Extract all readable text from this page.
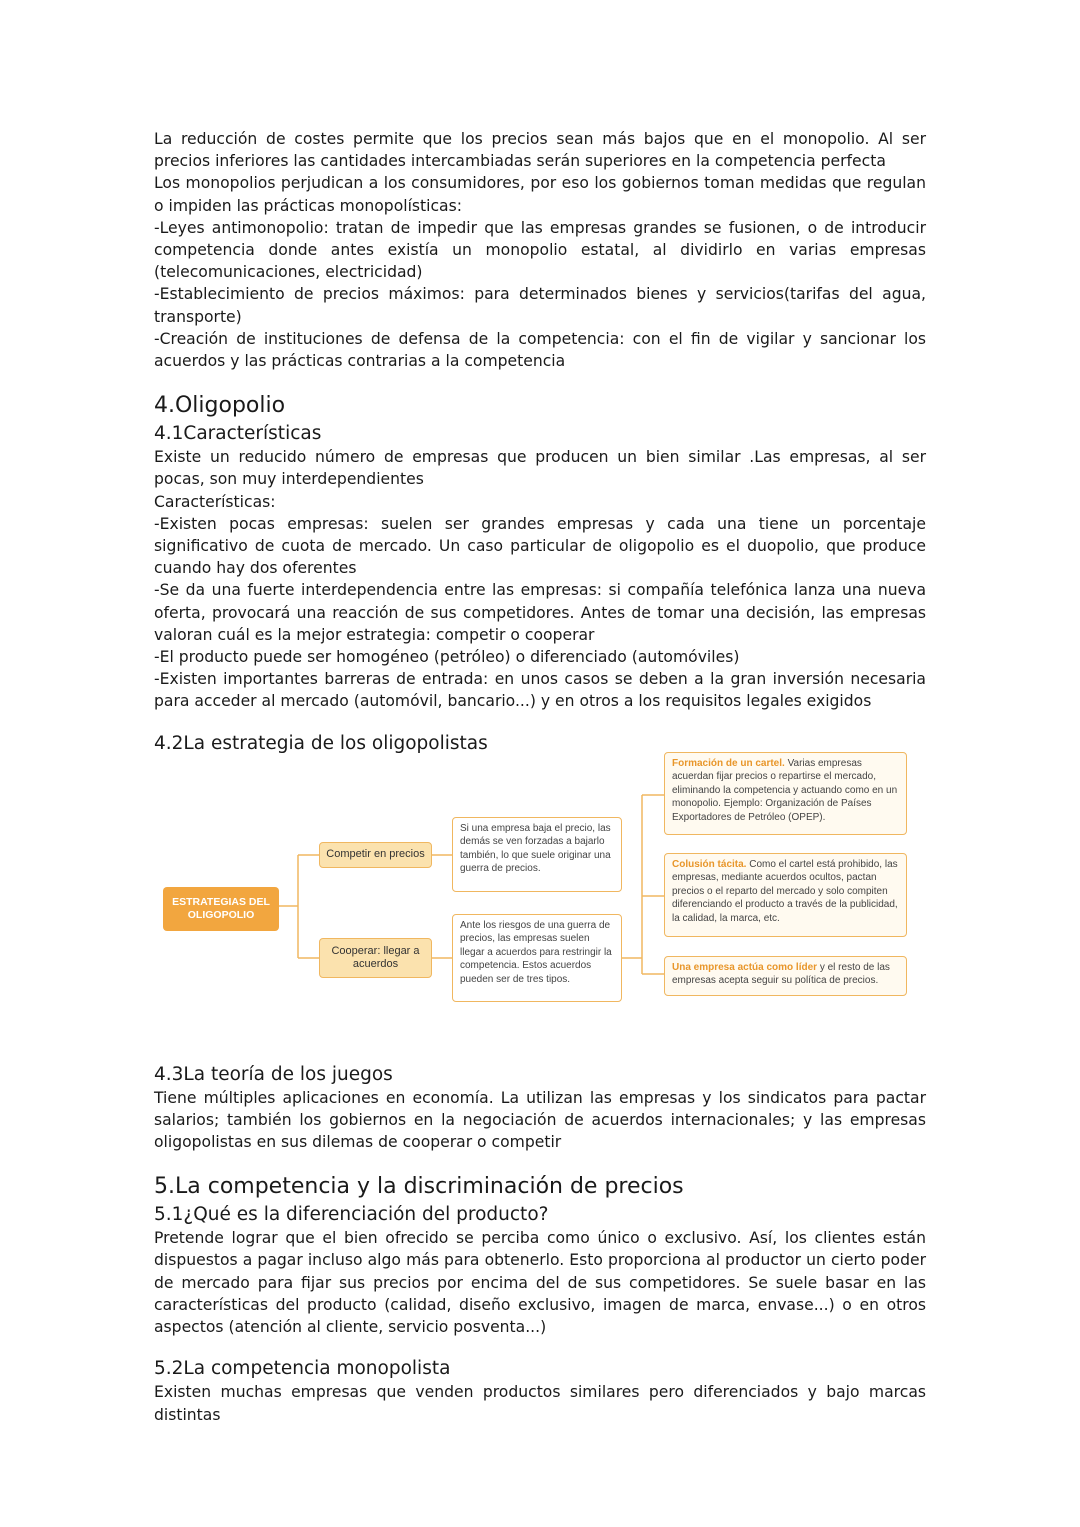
La reducción de costes permite que los precios sean más bajos que en el monopolio. Al ser precios inferiores las cantidades intercambiadas serán superiores en la competencia perfecta

Los monopolios perjudican a los consumidores, por eso los gobiernos toman medidas que regulan o impiden las prácticas monopolísticas:

-Leyes antimonopolio: tratan de impedir que las empresas grandes se fusionen, o de introducir competencia donde antes existía un monopolio estatal, al dividirlo en varias empresas (telecomunicaciones, electricidad)

-Establecimiento de precios máximos: para determinados bienes y servicios(tarifas del agua, transporte)

-Creación de instituciones de defensa de la competencia: con el fin de vigilar y sancionar los acuerdos y las prácticas contrarias a la competencia

4.Oligopolio
4.1Características

Existe un reducido número de empresas que producen un bien similar .Las empresas, al ser pocas, son muy interdependientes

Características:

-Existen pocas empresas: suelen ser grandes empresas y cada una tiene un porcentaje significativo de cuota de mercado. Un caso particular de oligopolio es el duopolio, que produce cuando hay dos oferentes

-Se da una fuerte interdependencia entre las empresas: si compañía telefónica lanza una nueva oferta, provocará una reacción de sus competidores. Antes de tomar una decisión, las empresas valoran cuál es la mejor estrategia: competir o cooperar

-El producto puede ser homogéneo (petróleo) o diferenciado (automóviles)

-Existen importantes barreras de entrada: en unos casos se deben a la gran inversión necesaria para acceder al mercado (automóvil, bancario...) y en otros a los requisitos legales exigidos

4.2La estrategia de los oligopolistas
ESTRATEGIAS DEL OLIGOPOLIO
Competir en precios
Cooperar: llegar a acuerdos
Si una empresa baja el precio, las demás se ven forzadas a bajarlo también, lo que suele originar una guerra de precios.
Ante los riesgos de una guerra de precios, las empresas suelen llegar a acuerdos para restringir la competencia. Estos acuerdos pueden ser de tres tipos.
Formación de un cartel. Varias empresas acuerdan fijar precios o repartirse el mercado, eliminando la competencia y actuando como en un monopolio. Ejemplo: Organización de Países Exportadores de Petróleo (OPEP).
Colusión tácita. Como el cartel está prohibido, las empresas, mediante acuerdos ocultos, pactan precios o el reparto del mercado y solo compiten diferenciando el producto a través de la publicidad, la calidad, la marca, etc.
Una empresa actúa como líder y el resto de las empresas acepta seguir su política de precios.
4.3La teoría de los juegos

Tiene múltiples aplicaciones en economía. La utilizan las empresas y los sindicatos para pactar salarios; también los gobiernos en la negociación de acuerdos internacionales; y las empresas oligopolistas en sus dilemas de cooperar o competir

5.La competencia y la discriminación de precios
5.1¿Qué es la diferenciación del producto?

Pretende lograr que el bien ofrecido se perciba como único o exclusivo. Así, los clientes están dispuestos a pagar incluso algo más para obtenerlo. Esto proporciona al productor un cierto poder de mercado para fijar sus precios por encima del de sus competidores. Se suele basar en las características del producto (calidad, diseño exclusivo, imagen de marca, envase...) o en otros aspectos (atención al cliente, servicio posventa...)

5.2La competencia monopolista

Existen muchas empresas que venden productos similares pero diferenciados y bajo marcas distintas
